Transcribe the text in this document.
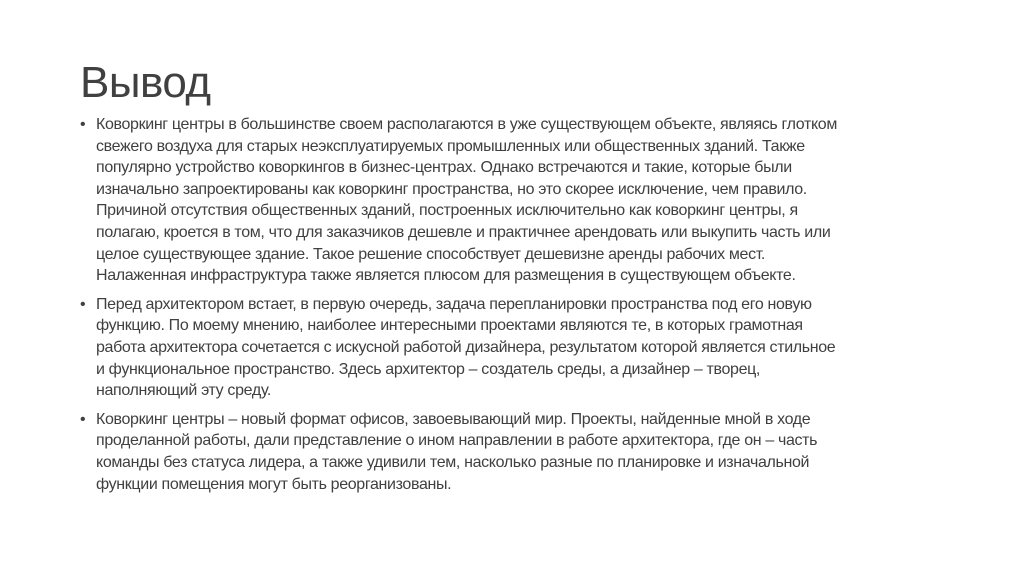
Вывод
• Коворкинг центры в большинстве своем располагаются в уже существующем объекте, являясь глотком
свежего воздуха для старых неэксплуатируемых промышленных или общественных зданий. Также
популярно устройство коворкингов в бизнес-центрах. Однако встречаются и такие, которые были
изначально запроектированы как коворкинг пространства, но это скорее исключение, чем правило.
Причиной отсутствия общественных зданий, построенных исключительно как коворкинг центры, я
полагаю, кроется в том, что для заказчиков дешевле и практичнее арендовать или выкупить часть или
целое существующее здание. Такое решение способствует дешевизне аренды рабочих мест.
Налаженная инфраструктура также является плюсом для размещения в существующем объекте.
• Перед архитектором встает, в первую очередь, задача перепланировки пространства под его новую
функцию. По моему мнению, наиболее интересными проектами являются те, в которых грамотная
работа архитектора сочетается с искусной работой дизайнера, результатом которой является стильное
и функциональное пространство. Здесь архитектор – создатель среды, а дизайнер – творец,
наполняющий эту среду.
• Коворкинг центры – новый формат офисов, завоевывающий мир. Проекты, найденные мной в ходе
проделанной работы, дали представление о ином направлении в работе архитектора, где он – часть
команды без статуса лидера, а также удивили тем, насколько разные по планировке и изначальной
функции помещения могут быть реорганизованы.
